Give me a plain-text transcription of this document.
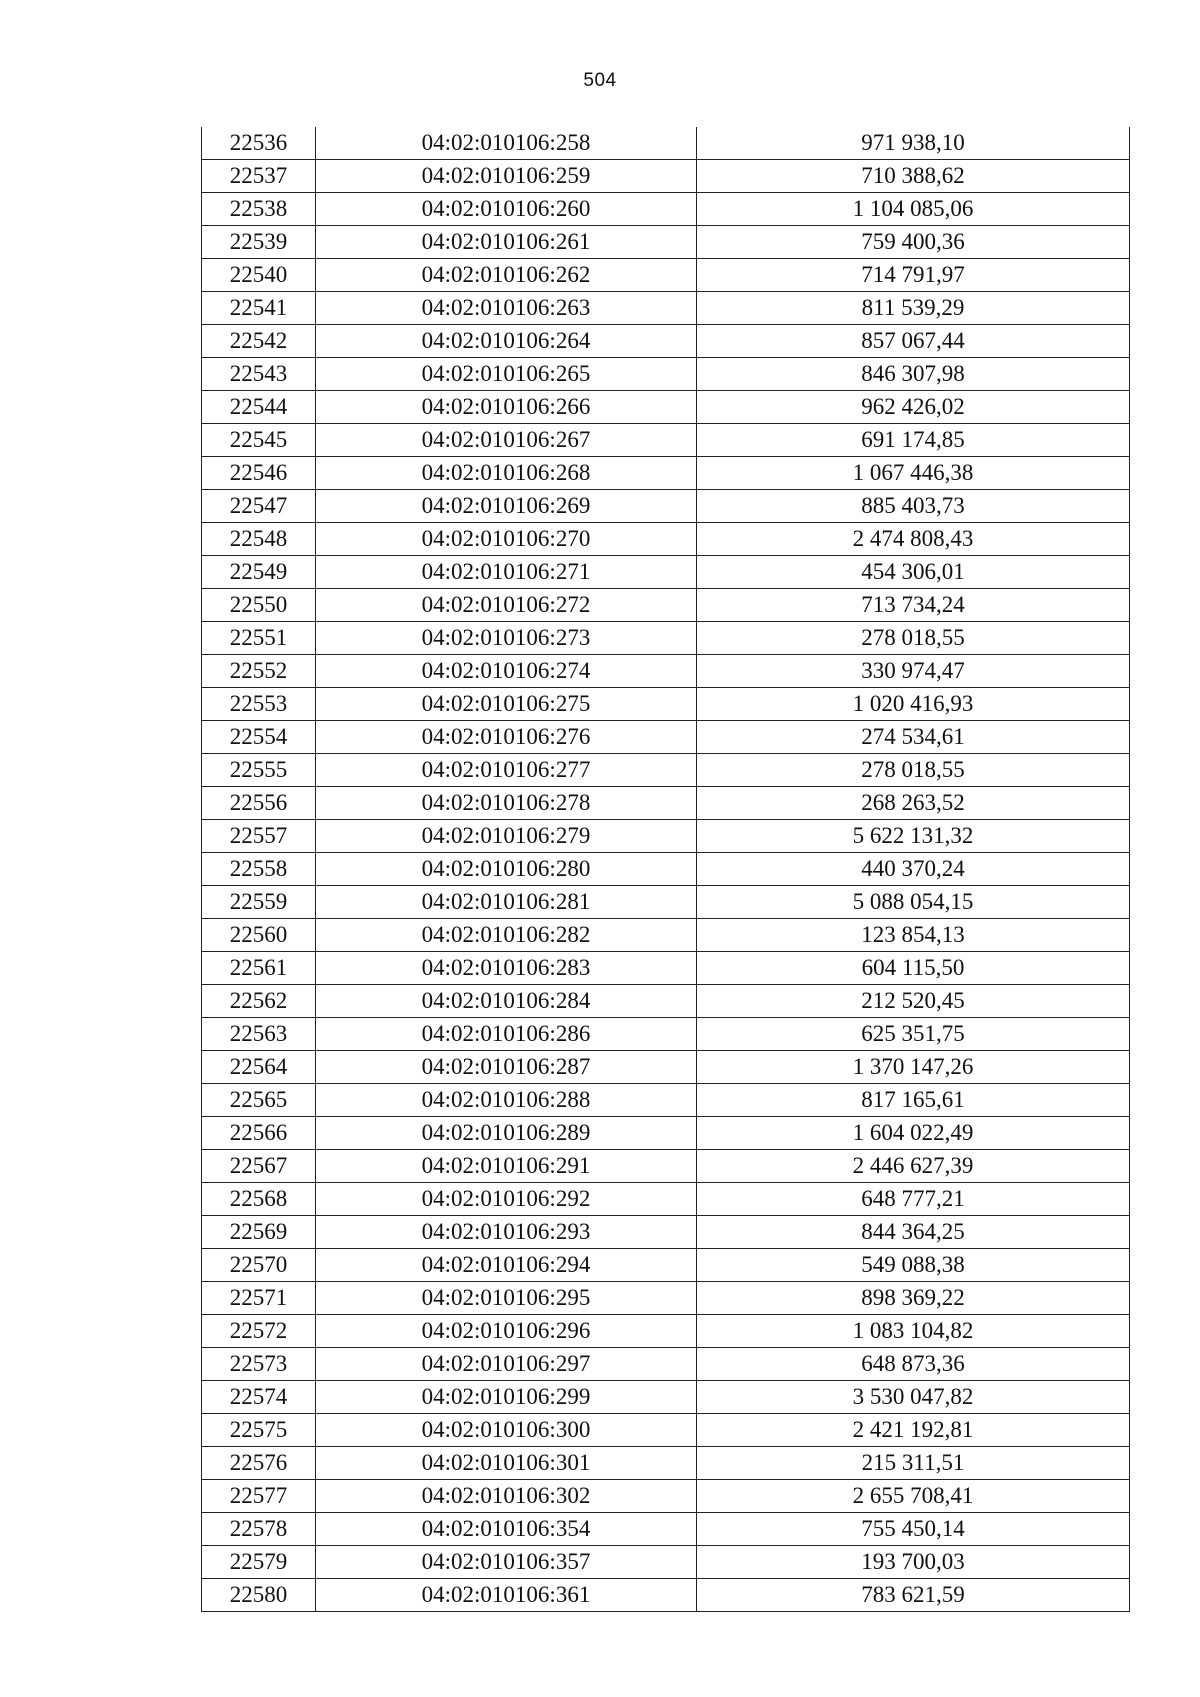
504
22536	04:02:010106:258	971 938,10
22537	04:02:010106:259	710 388,62
22538	04:02:010106:260	1 104 085,06
22539	04:02:010106:261	759 400,36
22540	04:02:010106:262	714 791,97
22541	04:02:010106:263	811 539,29
22542	04:02:010106:264	857 067,44
22543	04:02:010106:265	846 307,98
22544	04:02:010106:266	962 426,02
22545	04:02:010106:267	691 174,85
22546	04:02:010106:268	1 067 446,38
22547	04:02:010106:269	885 403,73
22548	04:02:010106:270	2 474 808,43
22549	04:02:010106:271	454 306,01
22550	04:02:010106:272	713 734,24
22551	04:02:010106:273	278 018,55
22552	04:02:010106:274	330 974,47
22553	04:02:010106:275	1 020 416,93
22554	04:02:010106:276	274 534,61
22555	04:02:010106:277	278 018,55
22556	04:02:010106:278	268 263,52
22557	04:02:010106:279	5 622 131,32
22558	04:02:010106:280	440 370,24
22559	04:02:010106:281	5 088 054,15
22560	04:02:010106:282	123 854,13
22561	04:02:010106:283	604 115,50
22562	04:02:010106:284	212 520,45
22563	04:02:010106:286	625 351,75
22564	04:02:010106:287	1 370 147,26
22565	04:02:010106:288	817 165,61
22566	04:02:010106:289	1 604 022,49
22567	04:02:010106:291	2 446 627,39
22568	04:02:010106:292	648 777,21
22569	04:02:010106:293	844 364,25
22570	04:02:010106:294	549 088,38
22571	04:02:010106:295	898 369,22
22572	04:02:010106:296	1 083 104,82
22573	04:02:010106:297	648 873,36
22574	04:02:010106:299	3 530 047,82
22575	04:02:010106:300	2 421 192,81
22576	04:02:010106:301	215 311,51
22577	04:02:010106:302	2 655 708,41
22578	04:02:010106:354	755 450,14
22579	04:02:010106:357	193 700,03
22580	04:02:010106:361	783 621,59
